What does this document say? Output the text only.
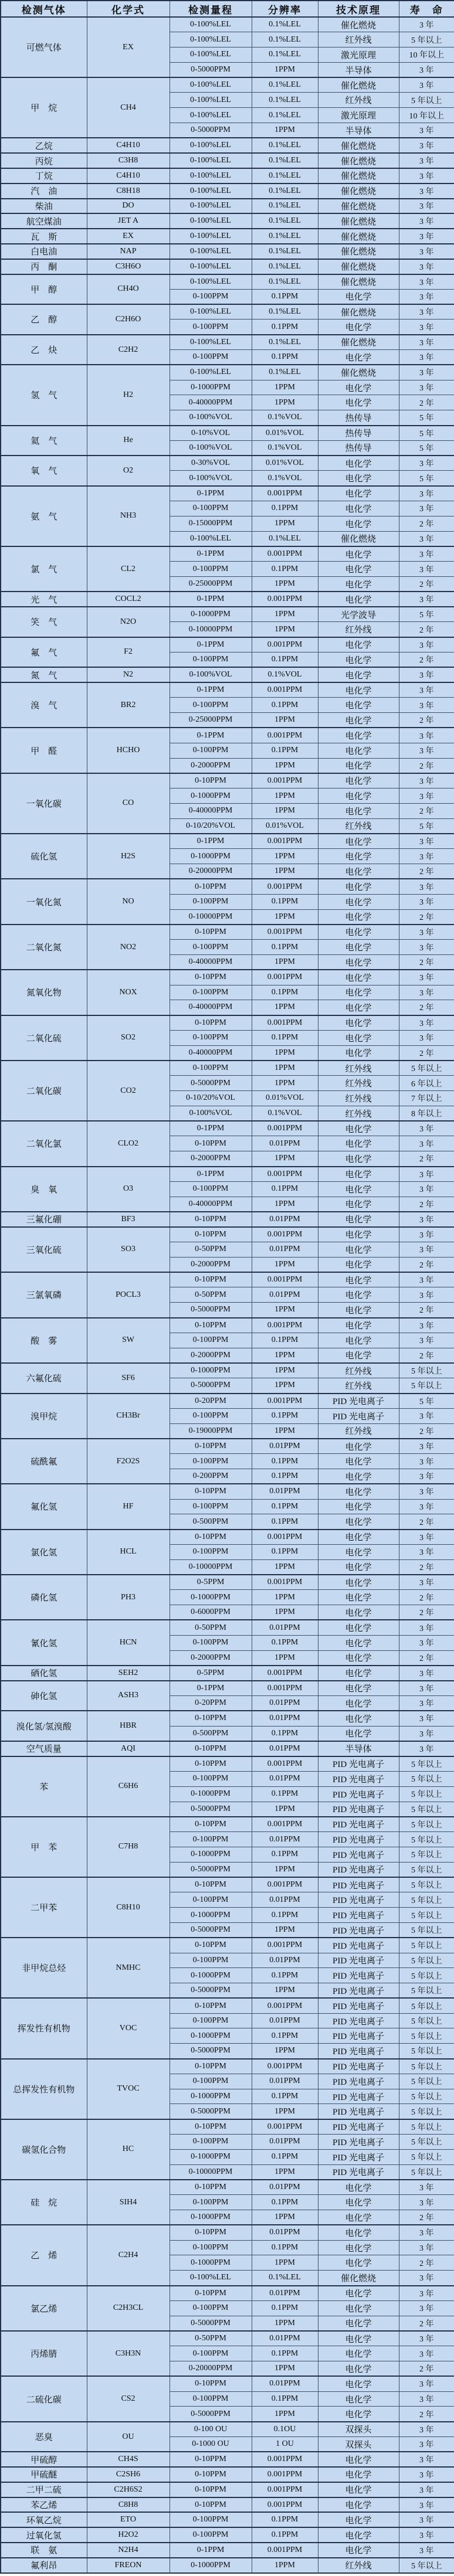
检测气体	化学式	检测量程	分辨率	技术原理	寿　命
可燃气体	EX	0-100%LEL	0.1%LEL	催化燃烧	3 年
		0-100%LEL	0.1%LEL	红外线	5 年以上
		0-100%LEL	0.1%LEL	激光原理	10 年以上
		0-5000PPM	1PPM	半导体	3 年
甲　烷	CH4	0-100%LEL	0.1%LEL	催化燃烧	3 年
		0-100%LEL	0.1%LEL	红外线	5 年以上
		0-100%LEL	0.1%LEL	激光原理	10 年以上
		0-5000PPM	1PPM	半导体	3 年
乙烷	C4H10	0-100%LEL	0.1%LEL	催化燃烧	3 年
丙烷	C3H8	0-100%LEL	0.1%LEL	催化燃烧	3 年
丁烷	C4H10	0-100%LEL	0.1%LEL	催化燃烧	3 年
汽　油	C8H18	0-100%LEL	0.1%LEL	催化燃烧	3 年
柴油	DO	0-100%LEL	0.1%LEL	催化燃烧	3 年
航空煤油	JET A	0-100%LEL	0.1%LEL	催化燃烧	3 年
瓦　斯	EX	0-100%LEL	0.1%LEL	催化燃烧	3 年
白电油	NAP	0-100%LEL	0.1%LEL	催化燃烧	3 年
丙　酮	C3H6O	0-100%LEL	0.1%LEL	催化燃烧	3 年
甲　醇	CH4O	0-100%LEL	0.1%LEL	催化燃烧	3 年
		0-100PPM	0.1PPM	电化学	3 年
乙　醇	C2H6O	0-100%LEL	0.1%LEL	催化燃烧	3 年
		0-100PPM	0.1PPM	电化学	3 年
乙　炔	C2H2	0-100%LEL	0.1%LEL	催化燃烧	3 年
		0-100PPM	0.1PPM	电化学	3 年
氢　气	H2	0-100%LEL	0.1%LEL	催化燃烧	3 年
		0-1000PPM	1PPM	电化学	3 年
		0-40000PPM	1PPM	电化学	2 年
		0-100%VOL	0.1%VOL	热传导	5 年
氦　气	He	0-10%VOL	0.01%VOL	热传导	5 年
		0-100%VOL	0.1%VOL	热传导	5 年
氧　气	O2	0-30%VOL	0.01%VOL	电化学	3 年
		0-100%VOL	0.1%VOL	电化学	5 年
氨　气	NH3	0-1PPM	0.001PPM	电化学	3 年
		0-100PPM	0.1PPM	电化学	3 年
		0-15000PPM	1PPM	电化学	2 年
		0-100%LEL	0.1%LEL	催化燃烧	3 年
氯　气	CL2	0-1PPM	0.001PPM	电化学	3 年
		0-100PPM	0.1PPM	电化学	3 年
		0-25000PPM	1PPM	电化学	2 年
光　气	COCL2	0-1PPM	0.001PPM	电化学	3 年
笑　气	N2O	0-1000PPM	1PPM	光学波导	5 年
		0-10000PPM	1PPM	红外线	2 年
氟　气	F2	0-1PPM	0.001PPM	电化学	3 年
		0-100PPM	0.1PPM	电化学	2 年
氮　气	N2	0-100%VOL	0.1%VOL	电化学	3 年
溴　气	BR2	0-1PPM	0.001PPM	电化学	3 年
		0-100PPM	0.1PPM	电化学	3 年
		0-25000PPM	1PPM	电化学	2 年
甲　醛	HCHO	0-1PPM	0.001PPM	电化学	3 年
		0-100PPM	0.1PPM	电化学	3 年
		0-2000PPM	1PPM	电化学	2 年
一氧化碳	CO	0-10PPM	0.001PPM	电化学	3 年
		0-1000PPM	1PPM	电化学	3 年
		0-40000PPM	1PPM	电化学	2 年
		0-10/20%VOL	0.01%VOL	红外线	5 年
硫化氢	H2S	0-1PPM	0.001PPM	电化学	3 年
		0-1000PPM	1PPM	电化学	3 年
		0-20000PPM	1PPM	电化学	2 年
一氧化氮	NO	0-10PPM	0.001PPM	电化学	3 年
		0-100PPM	0.1PPM	电化学	3 年
		0-10000PPM	1PPM	电化学	2 年
二氧化氮	NO2	0-10PPM	0.001PPM	电化学	3 年
		0-100PPM	0.1PPM	电化学	3 年
		0-40000PPM	1PPM	电化学	2 年
氮氧化物	NOX	0-10PPM	0.001PPM	电化学	3 年
		0-100PPM	0.1PPM	电化学	3 年
		0-40000PPM	1PPM	电化学	2 年
二氧化硫	SO2	0-10PPM	0.001PPM	电化学	3 年
		0-100PPM	0.1PPM	电化学	3 年
		0-40000PPM	1PPM	电化学	2 年
二氧化碳	CO2	0-100PPM	1PPM	红外线	5 年以上
		0-5000PPM	1PPM	红外线	6 年以上
		0-10/20%VOL	0.01%VOL	红外线	7 年以上
		0-100%VOL	0.1%VOL	红外线	8 年以上
二氧化氯	CLO2	0-1PPM	0.001PPM	电化学	3 年
		0-10PPM	0.01PPM	电化学	3 年
		0-2000PPM	1PPM	电化学	2 年
臭　氧	O3	0-1PPM	0.001PPM	电化学	3 年
		0-100PPM	0.1PPM	电化学	3 年
		0-40000PPM	1PPM	电化学	2 年
三氟化硼	BF3	0-10PPM	0.01PPM	电化学	3 年
三氧化硫	SO3	0-10PPM	0.001PPM	电化学	3 年
		0-50PPM	0.01PPM	电化学	3 年
		0-2000PPM	1PPM	电化学	2 年
三氯氧磷	POCL3	0-10PPM	0.001PPM	电化学	3 年
		0-50PPM	0.01PPM	电化学	3 年
		0-5000PPM	1PPM	电化学	2 年
酸　雾	SW	0-10PPM	0.001PPM	电化学	3 年
		0-100PPM	0.1PPM	电化学	3 年
		0-2000PPM	1PPM	电化学	2 年
六氟化硫	SF6	0-1000PPM	1PPM	红外线	5 年以上
		0-5000PPM	1PPM	红外线	5 年以上
溴甲烷	CH3Br	0-20PPM	0.001PPM	PID 光电离子	5 年
		0-100PPM	0.1PPM	PID 光电离子	3 年
		0-19000PPM	1PPM	红外线	2 年
硫酰氟	F2O2S	0-10PPM	0.01PPM	电化学	3 年
		0-100PPM	0.1PPM	电化学	3 年
		0-200PPM	0.1PPM	电化学	3 年
氟化氢	HF	0-10PPM	0.01PPM	电化学	3 年
		0-100PPM	0.1PPM	电化学	3 年
		0-500PPM	0.1PPM	电化学	2 年
氯化氢	HCL	0-10PPM	0.001PPM	电化学	3 年
		0-100PPM	0.1PPM	电化学	3 年
		0-10000PPM	1PPM	电化学	2 年
磷化氢	PH3	0-5PPM	0.001PPM	电化学	3 年
		0-1000PPM	1PPM	电化学	2 年
		0-6000PPM	1PPM	电化学	2 年
氰化氢	HCN	0-50PPM	0.01PPM	电化学	3 年
		0-100PPM	0.1PPM	电化学	3 年
		0-2000PPM	1PPM	电化学	2 年
硒化氢	SEH2	0-5PPM	0.001PPM	电化学	3 年
砷化氢	ASH3	0-1PPM	0.001PPM	电化学	3 年
		0-20PPM	0.01PPM	电化学	3 年
溴化氢/氢溴酸	HBR	0-10PPM	0.01PPM	电化学	3 年
		0-500PPM	0.1PPM	电化学	3 年
空气质量	AQI	0-10PPM	0.01PPM	半导体	3 年
苯	C6H6	0-10PPM	0.001PPM	PID 光电离子	5 年以上
		0-100PPM	0.01PPM	PID 光电离子	5 年以上
		0-1000PPM	0.1PPM	PID 光电离子	5 年以上
		0-5000PPM	1PPM	PID 光电离子	5 年以上
甲　苯	C7H8	0-10PPM	0.001PPM	PID 光电离子	5 年以上
		0-100PPM	0.01PPM	PID 光电离子	5 年以上
		0-1000PPM	0.1PPM	PID 光电离子	5 年以上
		0-5000PPM	1PPM	PID 光电离子	5 年以上
二甲苯	C8H10	0-10PPM	0.001PPM	PID 光电离子	5 年以上
		0-100PPM	0.01PPM	PID 光电离子	5 年以上
		0-1000PPM	0.1PPM	PID 光电离子	5 年以上
		0-5000PPM	1PPM	PID 光电离子	5 年以上
非甲烷总烃	NMHC	0-10PPM	0.001PPM	PID 光电离子	5 年以上
		0-100PPM	0.01PPM	PID 光电离子	5 年以上
		0-1000PPM	0.1PPM	PID 光电离子	5 年以上
		0-5000PPM	1PPM	PID 光电离子	5 年以上
挥发性有机物	VOC	0-10PPM	0.001PPM	PID 光电离子	5 年以上
		0-100PPM	0.01PPM	PID 光电离子	5 年以上
		0-1000PPM	0.1PPM	PID 光电离子	5 年以上
		0-5000PPM	1PPM	PID 光电离子	5 年以上
总挥发性有机物	TVOC	0-10PPM	0.001PPM	PID 光电离子	5 年以上
		0-100PPM	0.01PPM	PID 光电离子	5 年以上
		0-1000PPM	0.1PPM	PID 光电离子	5 年以上
		0-5000PPM	1PPM	PID 光电离子	5 年以上
碳氢化合物	HC	0-10PPM	0.001PPM	PID 光电离子	5 年以上
		0-100PPM	0.01PPM	PID 光电离子	5 年以上
		0-1000PPM	0.1PPM	PID 光电离子	5 年以上
		0-10000PPM	1PPM	PID 光电离子	5 年以上
硅　烷	SIH4	0-10PPM	0.01PPM	电化学	3 年
		0-100PPM	0.1PPM	电化学	3 年
		0-1000PPM	1PPM	电化学	2 年
乙　烯	C2H4	0-10PPM	0.01PPM	电化学	3 年
		0-100PPM	0.1PPM	电化学	3 年
		0-1000PPM	1PPM	电化学	2 年
		0-100%LEL	0.1%LEL	催化燃烧	3 年
氯乙烯	C2H3CL	0-10PPM	0.01PPM	电化学	3 年
		0-100PPM	0.1PPM	电化学	3 年
		0-5000PPM	1PPM	电化学	2 年
丙烯腈	C3H3N	0-50PPM	0.01PPM	电化学	3 年
		0-100PPM	0.1PPM	电化学	3 年
		0-20000PPM	1PPM	电化学	2 年
二硫化碳	CS2	0-10PPM	0.01PPM	电化学	3 年
		0-100PPM	0.1PPM	电化学	3 年
		0-5000PPM	1PPM	电化学	2 年
恶臭	OU	0-100 OU	0.1OU	双探头	3 年
		0-1000 OU	1 OU	双探头	3 年
甲硫醇	CH4S	0-10PPM	0.001PPM	电化学	3 年
甲硫醚	C2SH6	0-10PPM	0.001PPM	电化学	3 年
二甲二硫	C2H6S2	0-10PPM	0.001PPM	电化学	3 年
苯乙烯	C8H8	0-10PPM	0.001PPM	电化学	3 年
环氧乙烷	ETO	0-100PPM	0.1PPM	电化学	3 年
过氧化氢	H2O2	0-100PPM	0.1PPM	电化学	3 年
联　氨	N2H4	0-1PPM	0.001PPM	电化学	3 年
氟利昂	FREON	0-1000PPM	1PPM	红外线	5 年以上
